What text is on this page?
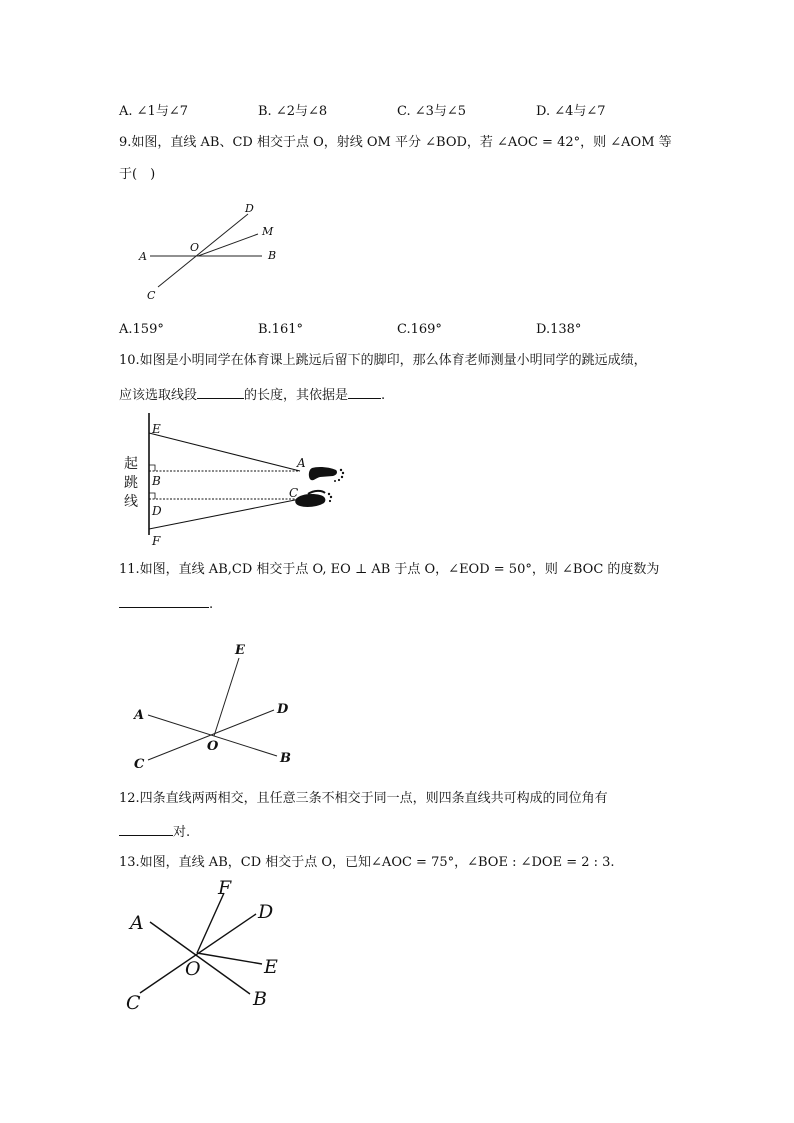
A. ∠1与∠7	B. ∠2与∠8	C. ∠3与∠5	D. ∠4与∠7
9.如图，直线 AB、CD 相交于点 O，射线 OM 平分 ∠BOD，若 ∠AOC = 42°，则 ∠AOM 等
于(　)
D
M
O
A	B
C
A.159°	B.161°	C.169°	D.138°
10.如图是小明同学在体育课上跳远后留下的脚印，那么体育老师测量小明同学的跳远成绩，
应该选取线段	的长度，其依据是	.
E
A
B
C
D
F
起
跳
线
11.如图，直线 AB,CD 相交于点 O, EO ⊥ AB 于点 O，∠EOD = 50°，则 ∠BOC 的度数为
.
E
D
A
O
C	B
12.四条直线两两相交，且任意三条不相交于同一点，则四条直线共可构成的同位角有
对.
13.如图，直线 AB，CD 相交于点 O，已知∠AOC = 75°，∠BOE : ∠DOE = 2 : 3.
F
D
A
E
O
C	B
